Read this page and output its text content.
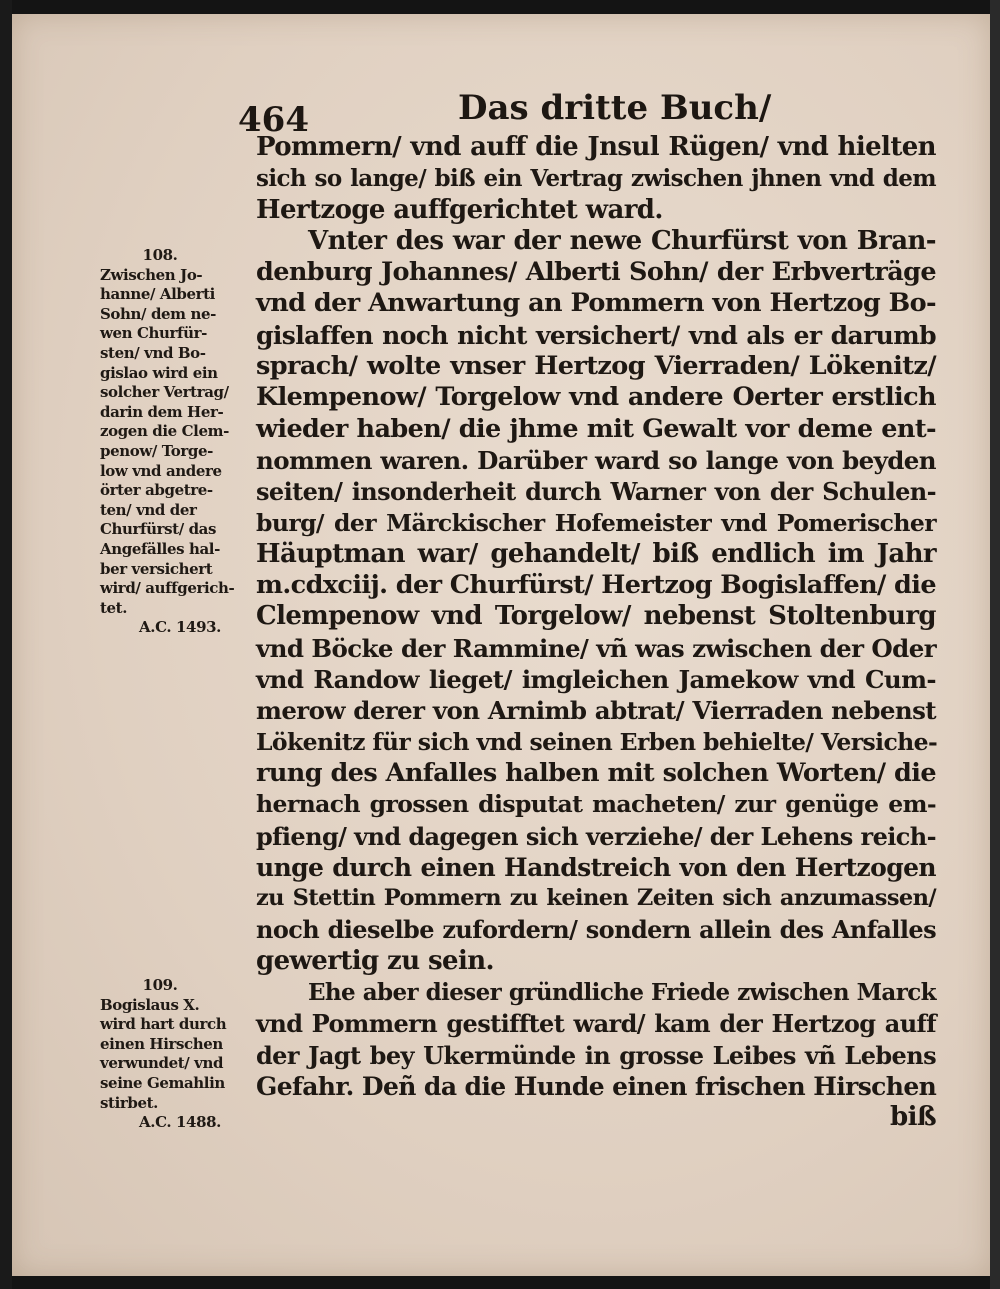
464	Das dritte Buch/
Pommern/ vnd auff die Jnsul Rügen/ vnd hielten
sich so lange/ biß ein Vertrag zwischen jhnen vnd dem
Hertzoge auffgerichtet ward.
Vnter des war der newe Churfürst von Bran-
denburg Johannes/ Alberti Sohn/ der Erbverträge
vnd der Anwartung an Pommern von Hertzog Bo-
gislaffen noch nicht versichert/ vnd als er darumb
sprach/ wolte vnser Hertzog Vierraden/ Lökenitz/
Klempenow/ Torgelow vnd andere Oerter erstlich
wieder haben/ die jhme mit Gewalt vor deme ent-
nommen waren. Darüber ward so lange von beyden
seiten/ insonderheit durch Warner von der Schulen-
burg/ der Märckischer Hofemeister vnd Pomerischer
Häuptman war/ gehandelt/ biß endlich im Jahr
m.cdxciij. der Churfürst/ Hertzog Bogislaffen/ die
Clempenow vnd Torgelow/ nebenst Stoltenburg
vnd Böcke der Rammine/ vñ was zwischen der Oder
vnd Randow lieget/ imgleichen Jamekow vnd Cum-
merow derer von Arnimb abtrat/ Vierraden nebenst
Lökenitz für sich vnd seinen Erben behielte/ Versiche-
rung des Anfalles halben mit solchen Worten/ die
hernach grossen disputat macheten/ zur genüge em-
pfieng/ vnd dagegen sich verziehe/ der Lehens reich-
unge durch einen Handstreich von den Hertzogen
zu Stettin Pommern zu keinen Zeiten sich anzumassen/
noch dieselbe zufordern/ sondern allein des Anfalles
gewertig zu sein.
Ehe aber dieser gründliche Friede zwischen Marck
vnd Pommern gestifftet ward/ kam der Hertzog auff
der Jagt bey Ukermünde in grosse Leibes vñ Lebens
Gefahr. Deñ da die Hunde einen frischen Hirschen
biß
108.
Zwischen Jo-
hanne/ Alberti
Sohn/ dem ne-
wen Churfür-
sten/ vnd Bo-
gislao wird ein
solcher Vertrag/
darin dem Her-
zogen die Clem-
penow/ Torge-
low vnd andere
örter abgetre-
ten/ vnd der
Churfürst/ das
Angefälles hal-
ber versichert
wird/ auffgerich-
tet.
A.C. 1493.
109.
Bogislaus X.
wird hart durch
einen Hirschen
verwundet/ vnd
seine Gemahlin
stirbet.
A.C. 1488.
